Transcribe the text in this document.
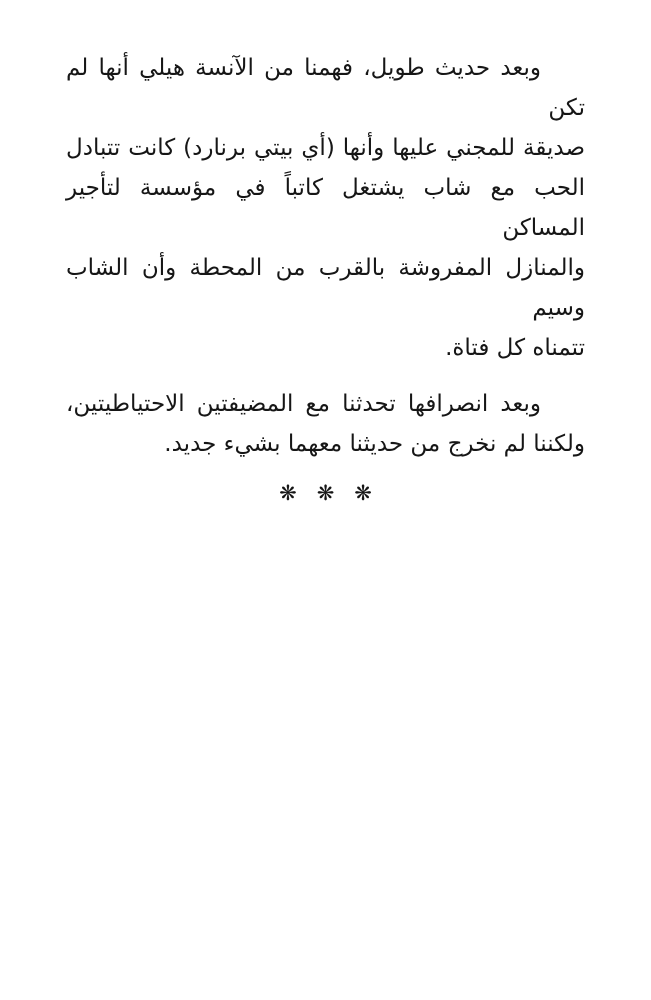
وبعد حديث طويل، فهمنا من الآنسة هيلي أنها لم تكن
صديقة للمجني عليها وأنها (أي بيتي برنارد) كانت تتبادل
الحب مع شاب يشتغل كاتباً في مؤسسة لتأجير المساكن
والمنازل المفروشة بالقرب من المحطة وأن الشاب وسيم
تتمناه كل فتاة.

وبعد انصرافها تحدثنا مع المضيفتين الاحتياطيتين،
ولكننا لم نخرج من حديثنا معهما بشيء جديد.

❋ ❋ ❋
